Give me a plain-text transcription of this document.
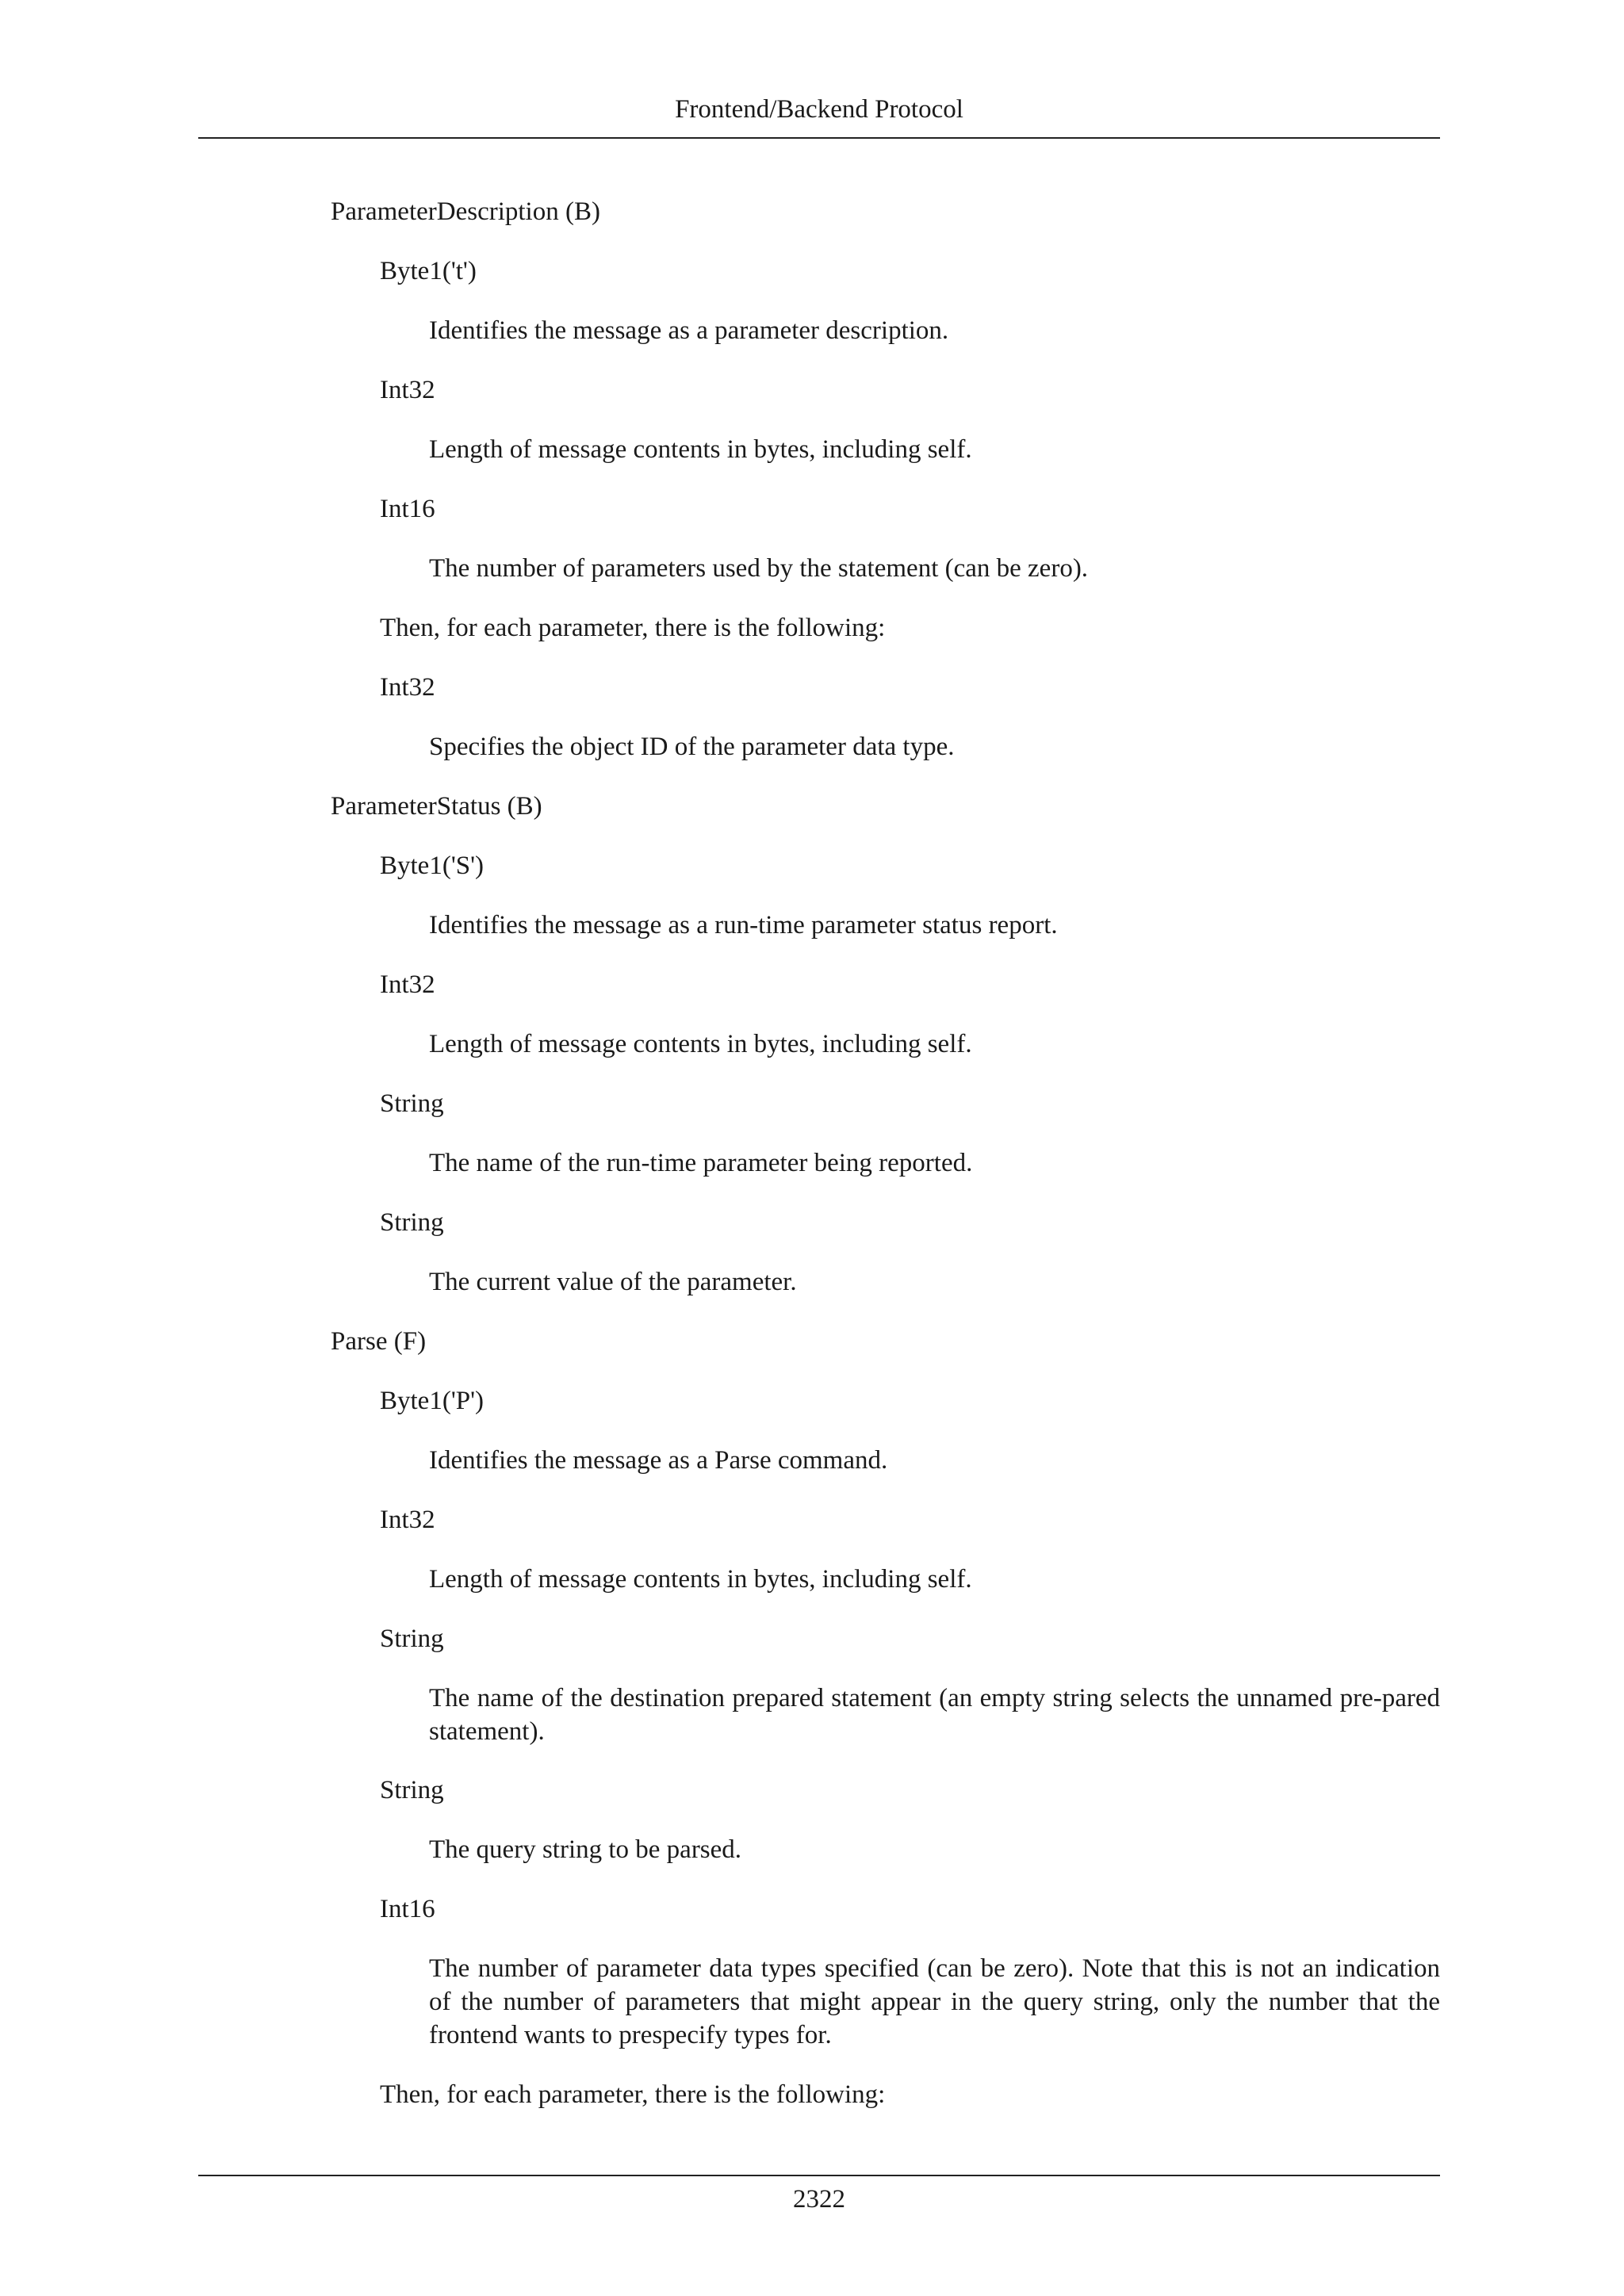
Frontend/Backend Protocol
ParameterDescription (B)
Byte1('t')
Identifies the message as a parameter description.
Int32
Length of message contents in bytes, including self.
Int16
The number of parameters used by the statement (can be zero).
Then, for each parameter, there is the following:
Int32
Specifies the object ID of the parameter data type.
ParameterStatus (B)
Byte1('S')
Identifies the message as a run-time parameter status report.
Int32
Length of message contents in bytes, including self.
String
The name of the run-time parameter being reported.
String
The current value of the parameter.
Parse (F)
Byte1('P')
Identifies the message as a Parse command.
Int32
Length of message contents in bytes, including self.
String
The name of the destination prepared statement (an empty string selects the unnamed pre-pared statement).
String
The query string to be parsed.
Int16
The number of parameter data types specified (can be zero). Note that this is not an indication of the number of parameters that might appear in the query string, only the number that the frontend wants to prespecify types for.
Then, for each parameter, there is the following:
2322
